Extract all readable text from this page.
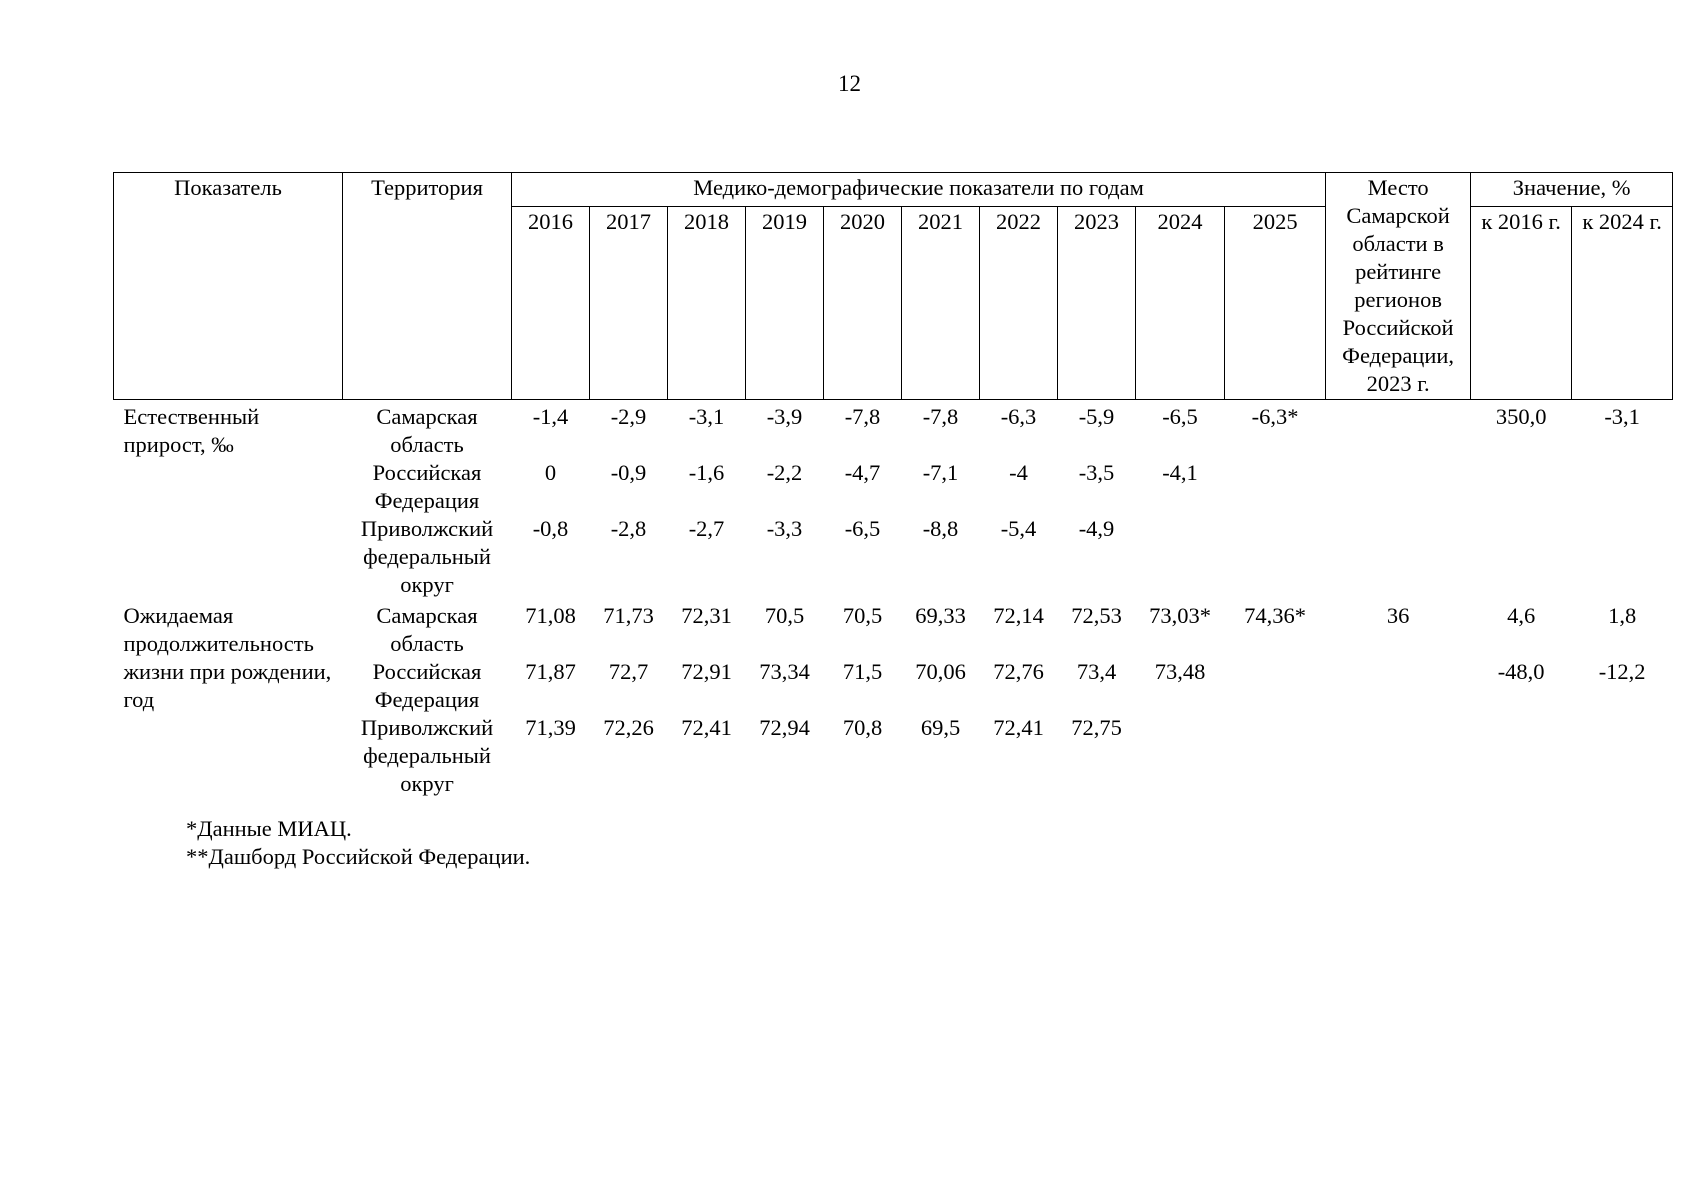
12
Показатель	Территория	Медико-демографические показатели по годам										Место Самарской области в рейтинге регионов Российской Федерации, 2023 г.	Значение, %	
		2016	2017	2018	2019	2020	2021	2022	2023	2024	2025		к 2016 г.	к 2024 г.
Естественный прирост, ‰	Самарская область	-1,4	-2,9	-3,1	-3,9	-7,8	-7,8	-6,3	-5,9	-6,5	-6,3*		350,0	-3,1
	Российская Федерация	0	-0,9	-1,6	-2,2	-4,7	-7,1	-4	-3,5	-4,1				
	Приволжский федеральный округ	-0,8	-2,8	-2,7	-3,3	-6,5	-8,8	-5,4	-4,9					
Ожидаемая продолжительность жизни при рождении, год	Самарская область	71,08	71,73	72,31	70,5	70,5	69,33	72,14	72,53	73,03*	74,36*	36	4,6	1,8
	Российская Федерация	71,87	72,7	72,91	73,34	71,5	70,06	72,76	73,4	73,48			-48,0	-12,2
	Приволжский федеральный округ	71,39	72,26	72,41	72,94	70,8	69,5	72,41	72,75					
*Данные МИАЦ.
**Дашборд Российской Федерации.
